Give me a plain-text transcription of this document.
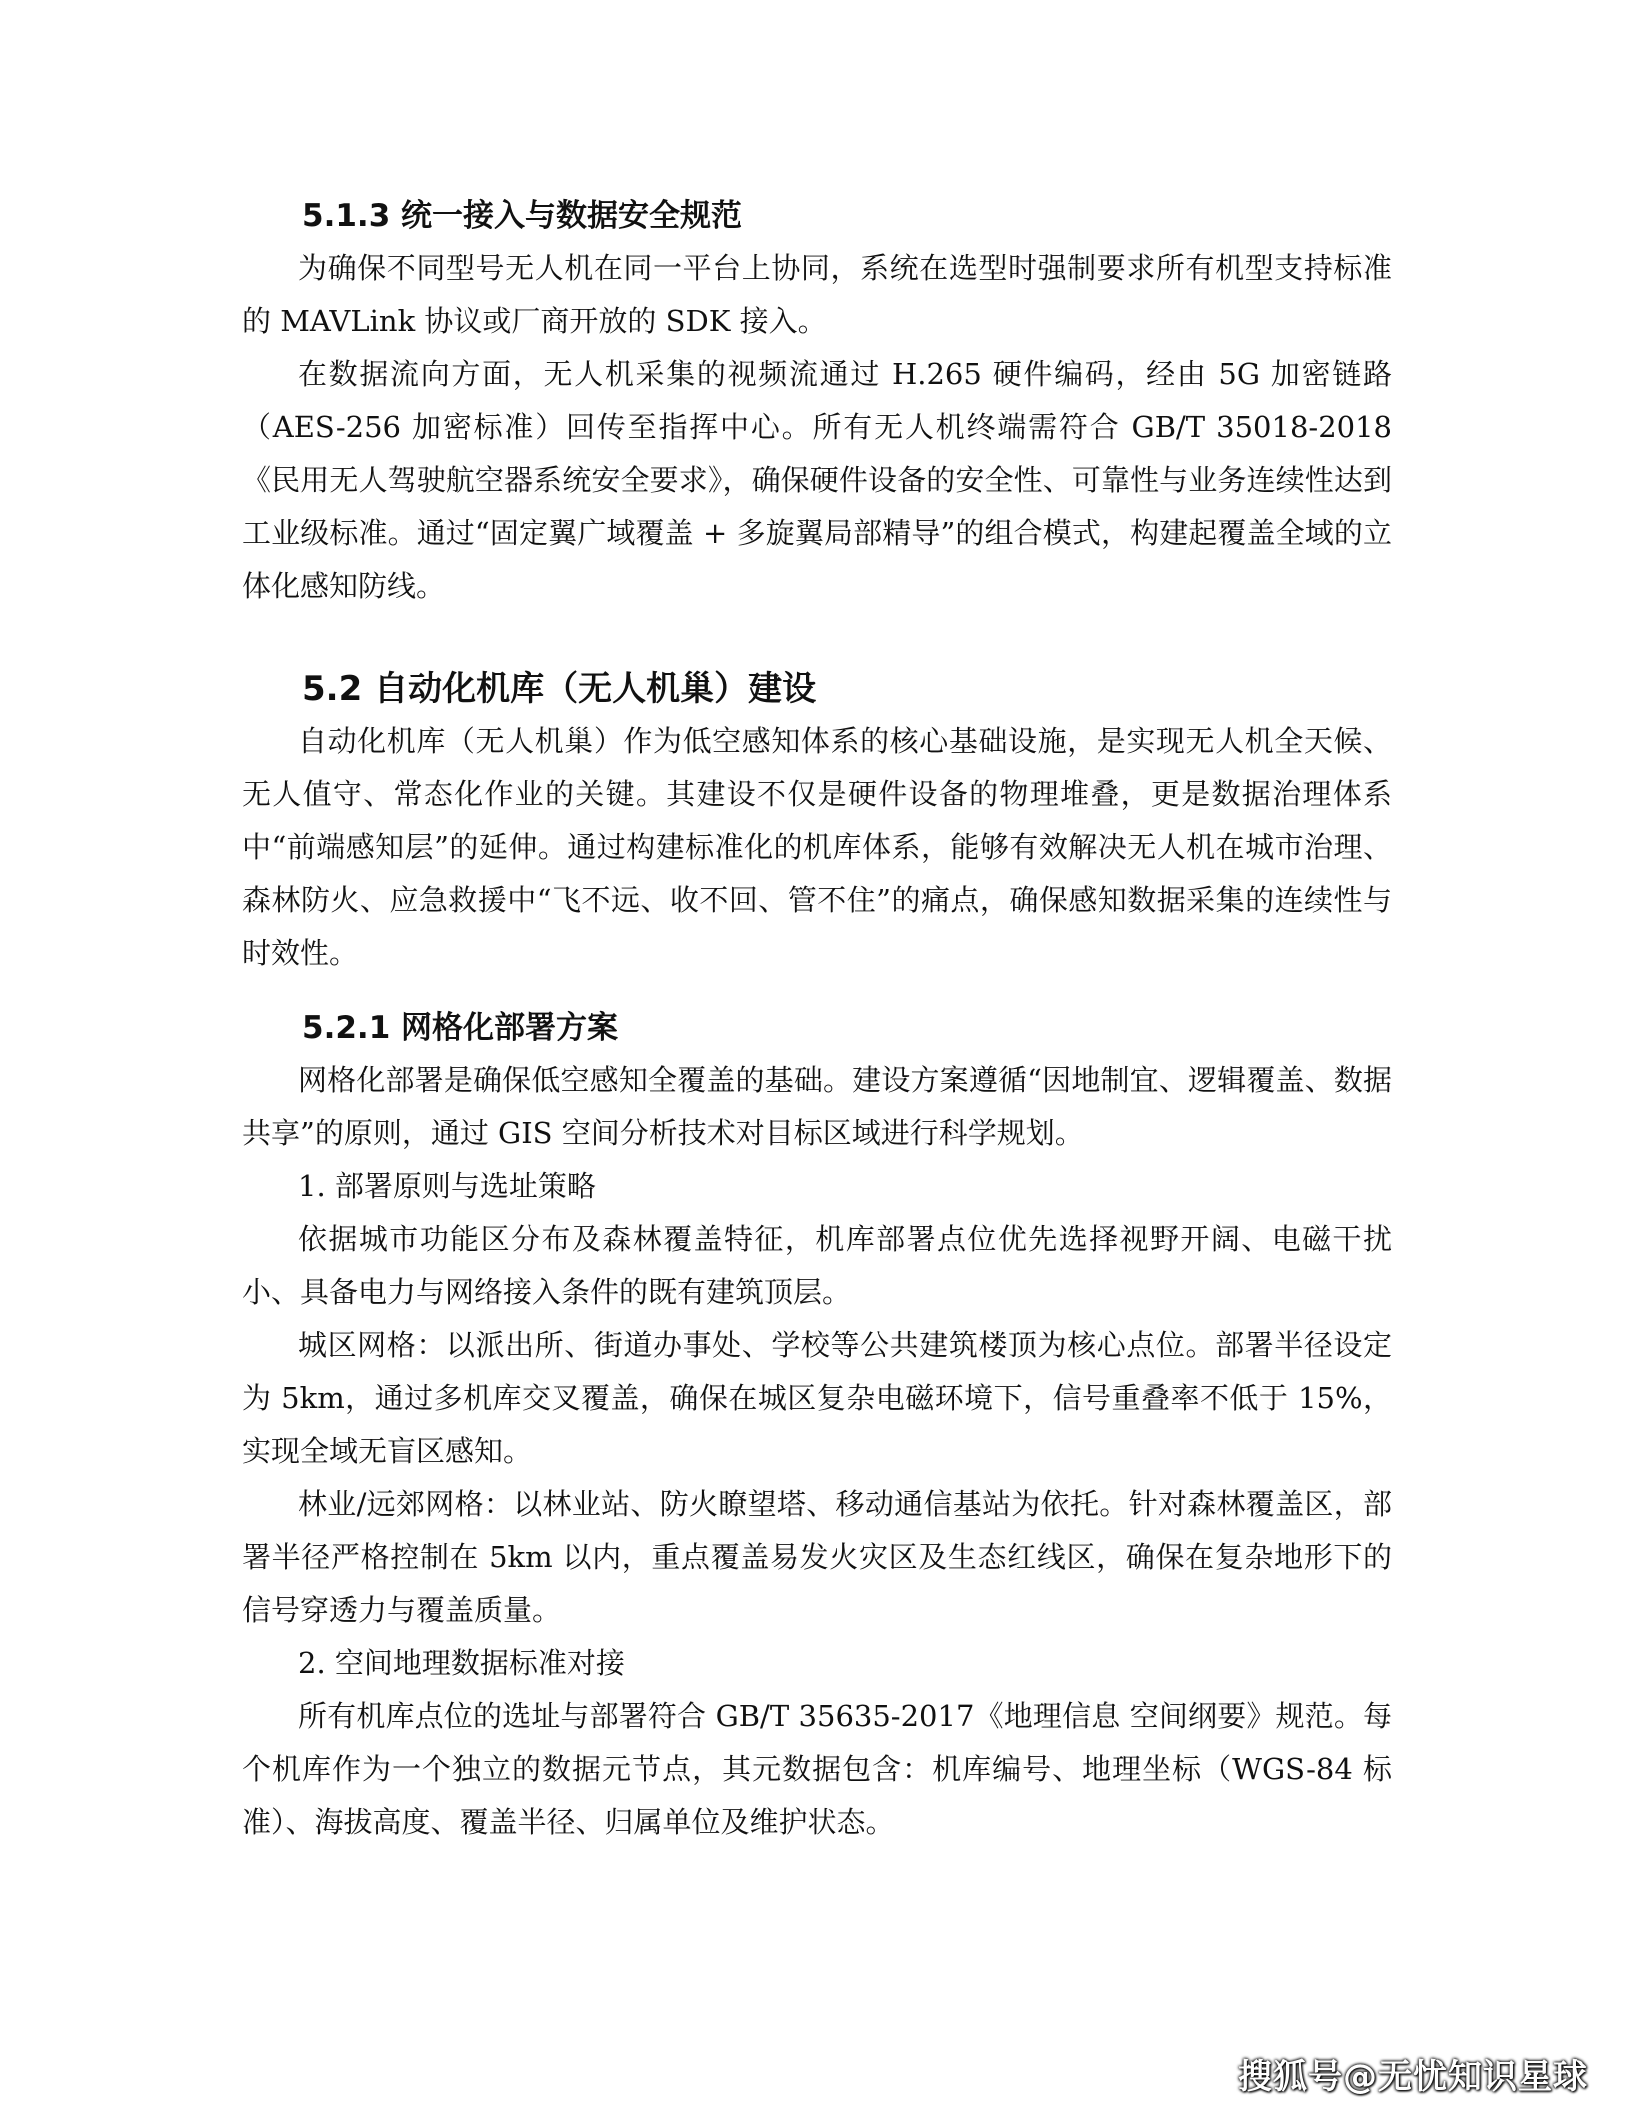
5.1.3 统一接入与数据安全规范

为确保不同型号无人机在同一平台上协同，系统在选型时强制要求所有机型支持标准的 MAVLink 协议或厂商开放的 SDK 接入。

在数据流向方面，无人机采集的视频流通过 H.265 硬件编码，经由 5G 加密链路（AES-256 加密标准）回传至指挥中心。所有无人机终端需符合 GB/T 35018-2018《民用无人驾驶航空器系统安全要求》，确保硬件设备的安全性、可靠性与业务连续性达到工业级标准。通过“固定翼广域覆盖 + 多旋翼局部精导”的组合模式，构建起覆盖全域的立体化感知防线。

5.2 自动化机库（无人机巢）建设

自动化机库（无人机巢）作为低空感知体系的核心基础设施，是实现无人机全天候、无人值守、常态化作业的关键。其建设不仅是硬件设备的物理堆叠，更是数据治理体系中“前端感知层”的延伸。通过构建标准化的机库体系，能够有效解决无人机在城市治理、森林防火、应急救援中“飞不远、收不回、管不住”的痛点，确保感知数据采集的连续性与时效性。

5.2.1 网格化部署方案

网格化部署是确保低空感知全覆盖的基础。建设方案遵循“因地制宜、逻辑覆盖、数据共享”的原则，通过 GIS 空间分析技术对目标区域进行科学规划。

1. 部署原则与选址策略

依据城市功能区分布及森林覆盖特征，机库部署点位优先选择视野开阔、电磁干扰小、具备电力与网络接入条件的既有建筑顶层。

城区网格：以派出所、街道办事处、学校等公共建筑楼顶为核心点位。部署半径设定为 5km，通过多机库交叉覆盖，确保在城区复杂电磁环境下，信号重叠率不低于 15%，实现全域无盲区感知。

林业/远郊网格：以林业站、防火瞭望塔、移动通信基站为依托。针对森林覆盖区，部署半径严格控制在 5km 以内，重点覆盖易发火灾区及生态红线区，确保在复杂地形下的信号穿透力与覆盖质量。

2. 空间地理数据标准对接

所有机库点位的选址与部署符合 GB/T 35635-2017《地理信息 空间纲要》规范。每个机库作为一个独立的数据元节点，其元数据包含：机库编号、地理坐标（WGS-84 标准）、海拔高度、覆盖半径、归属单位及维护状态。

搜狐号@无忧知识星球
